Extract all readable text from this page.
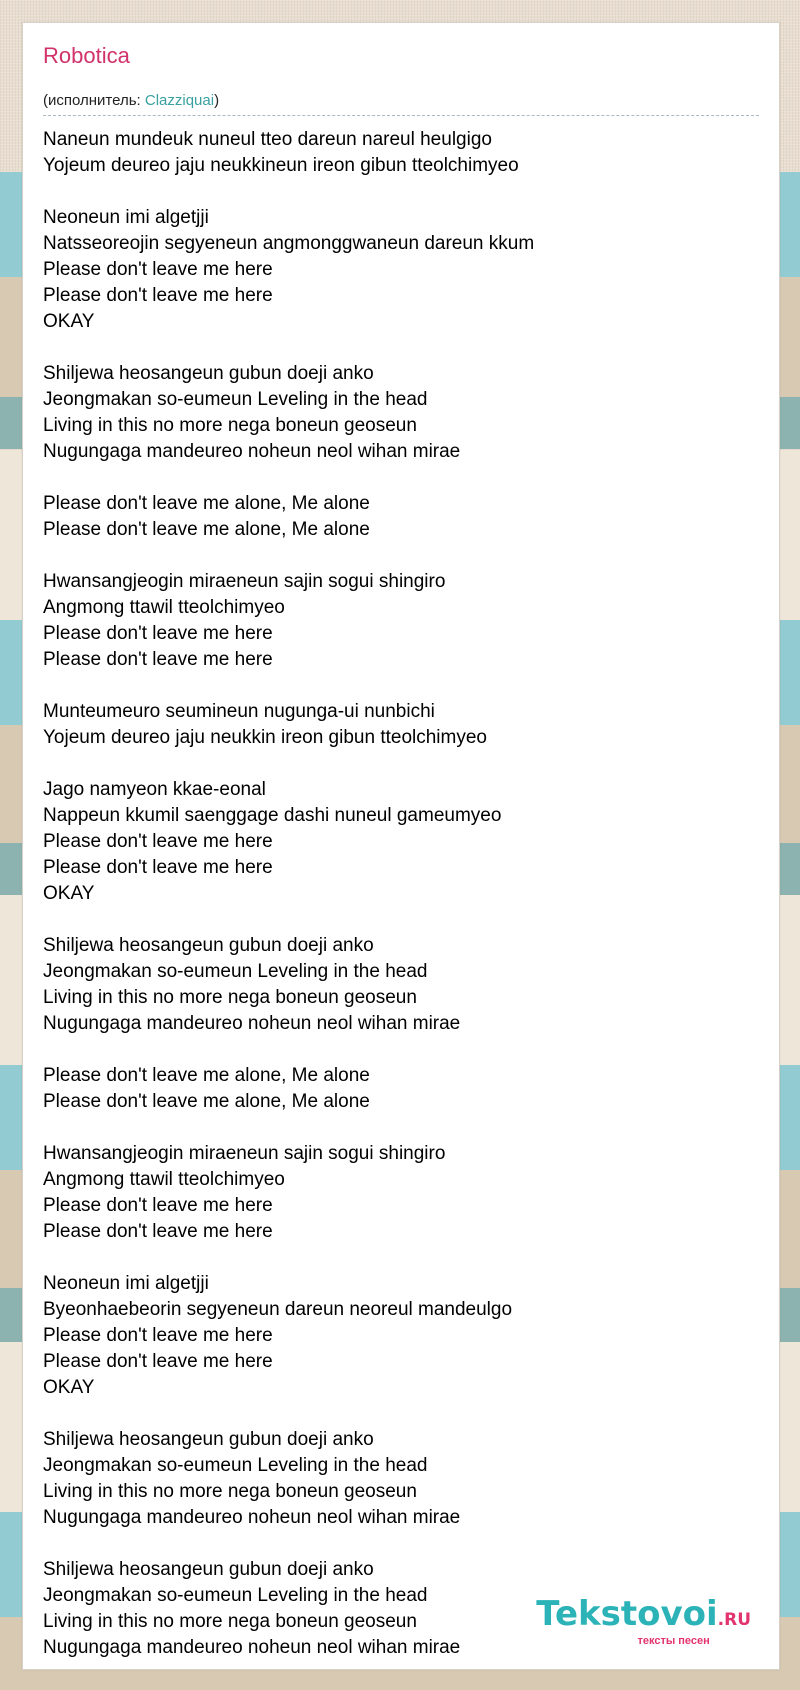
Robotica
(исполнитель: Clazziquai)
Naneun mundeuk nuneul tteo dareun nareul heulgigo
Yojeum deureo jaju neukkineun ireon gibun tteolchimyeo
Neoneun imi algetjji
Natsseoreojin segyeneun angmonggwaneun dareun kkum
Please don't leave me here
Please don't leave me here
OKAY
Shiljewa heosangeun gubun doeji anko
Jeongmakan so-eumeun Leveling in the head
Living in this no more nega boneun geoseun
Nugungaga mandeureo noheun neol wihan mirae
Please don't leave me alone, Me alone
Please don't leave me alone, Me alone
Hwansangjeogin miraeneun sajin sogui shingiro
Angmong ttawil tteolchimyeo
Please don't leave me here
Please don't leave me here
Munteumeuro seumineun nugunga-ui nunbichi
Yojeum deureo jaju neukkin ireon gibun tteolchimyeo
Jago namyeon kkae-eonal
Nappeun kkumil saenggage dashi nuneul gameumyeo
Please don't leave me here
Please don't leave me here
OKAY
Shiljewa heosangeun gubun doeji anko
Jeongmakan so-eumeun Leveling in the head
Living in this no more nega boneun geoseun
Nugungaga mandeureo noheun neol wihan mirae
Please don't leave me alone, Me alone
Please don't leave me alone, Me alone
Hwansangjeogin miraeneun sajin sogui shingiro
Angmong ttawil tteolchimyeo
Please don't leave me here
Please don't leave me here
Neoneun imi algetjji
Byeonhaebeorin segyeneun dareun neoreul mandeulgo
Please don't leave me here
Please don't leave me here
OKAY
Shiljewa heosangeun gubun doeji anko
Jeongmakan so-eumeun Leveling in the head
Living in this no more nega boneun geoseun
Nugungaga mandeureo noheun neol wihan mirae
Shiljewa heosangeun gubun doeji anko
Jeongmakan so-eumeun Leveling in the head
Living in this no more nega boneun geoseun
Nugungaga mandeureo noheun neol wihan mirae
Tekstovoi.RU
тексты песен
